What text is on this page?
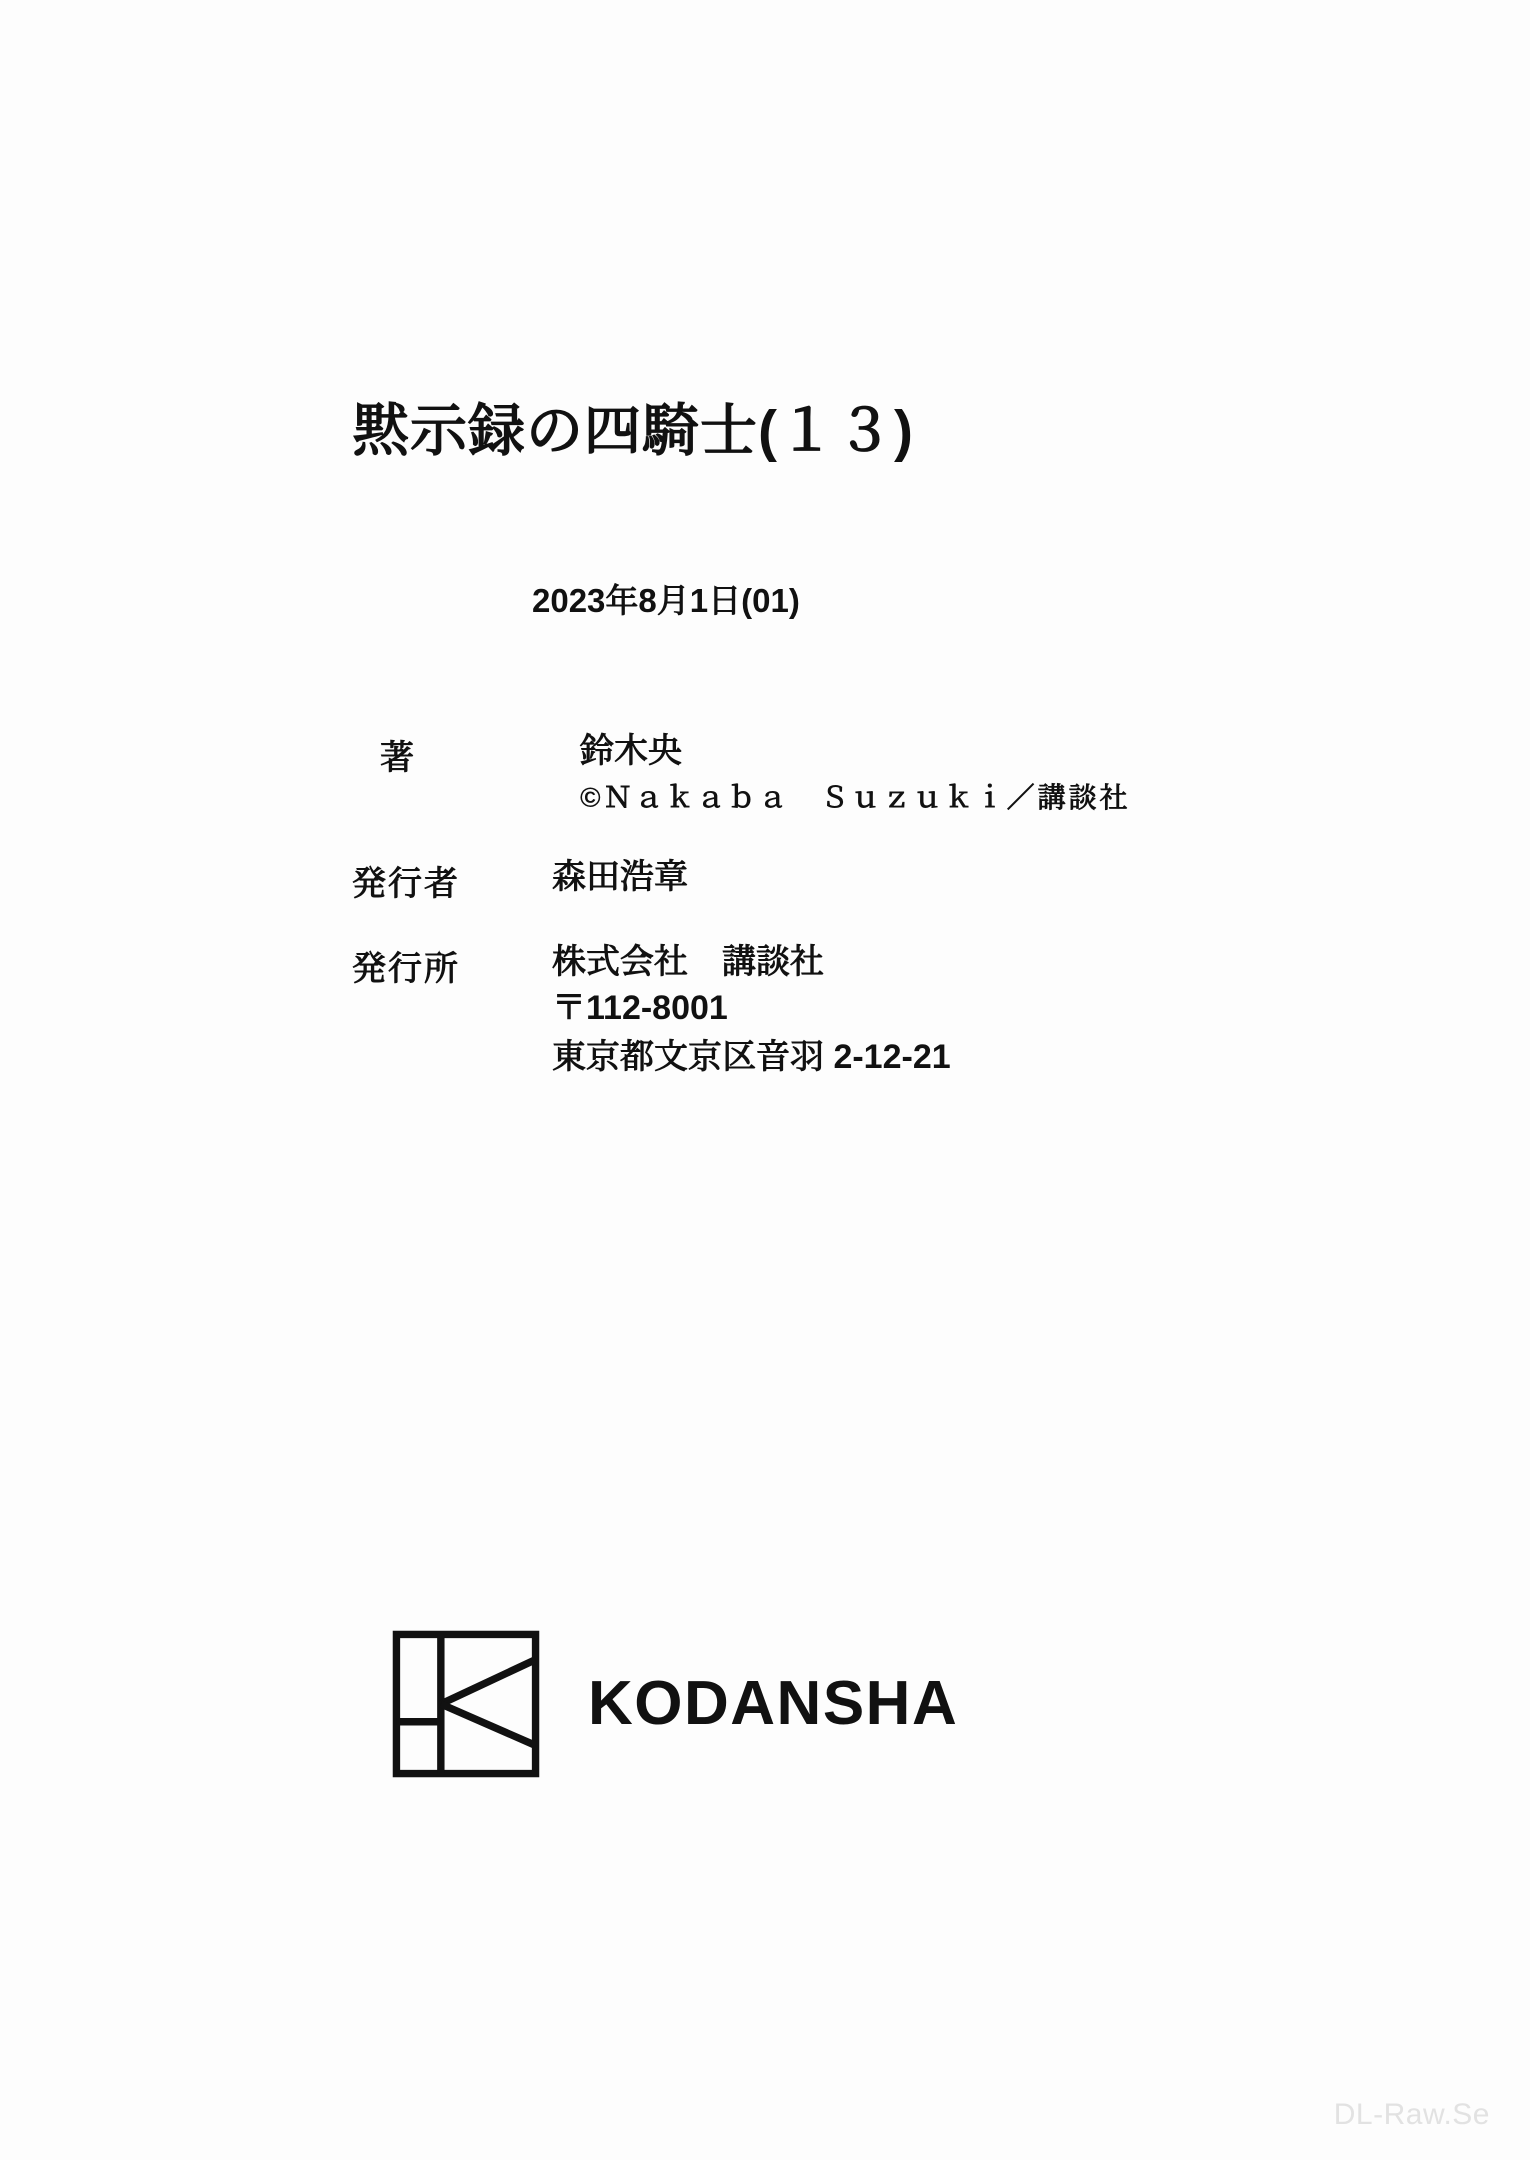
黙示録の四騎士(１３)
2023年8月1日(01)
著	鈴木央
©Ｎａｋａｂａ　Ｓｕｚｕｋｉ／講談社
発行者	森田浩章
発行所	株式会社　講談社
〒112-8001
東京都文京区音羽 2-12-21
KODANSHA
DL-Raw.Se
